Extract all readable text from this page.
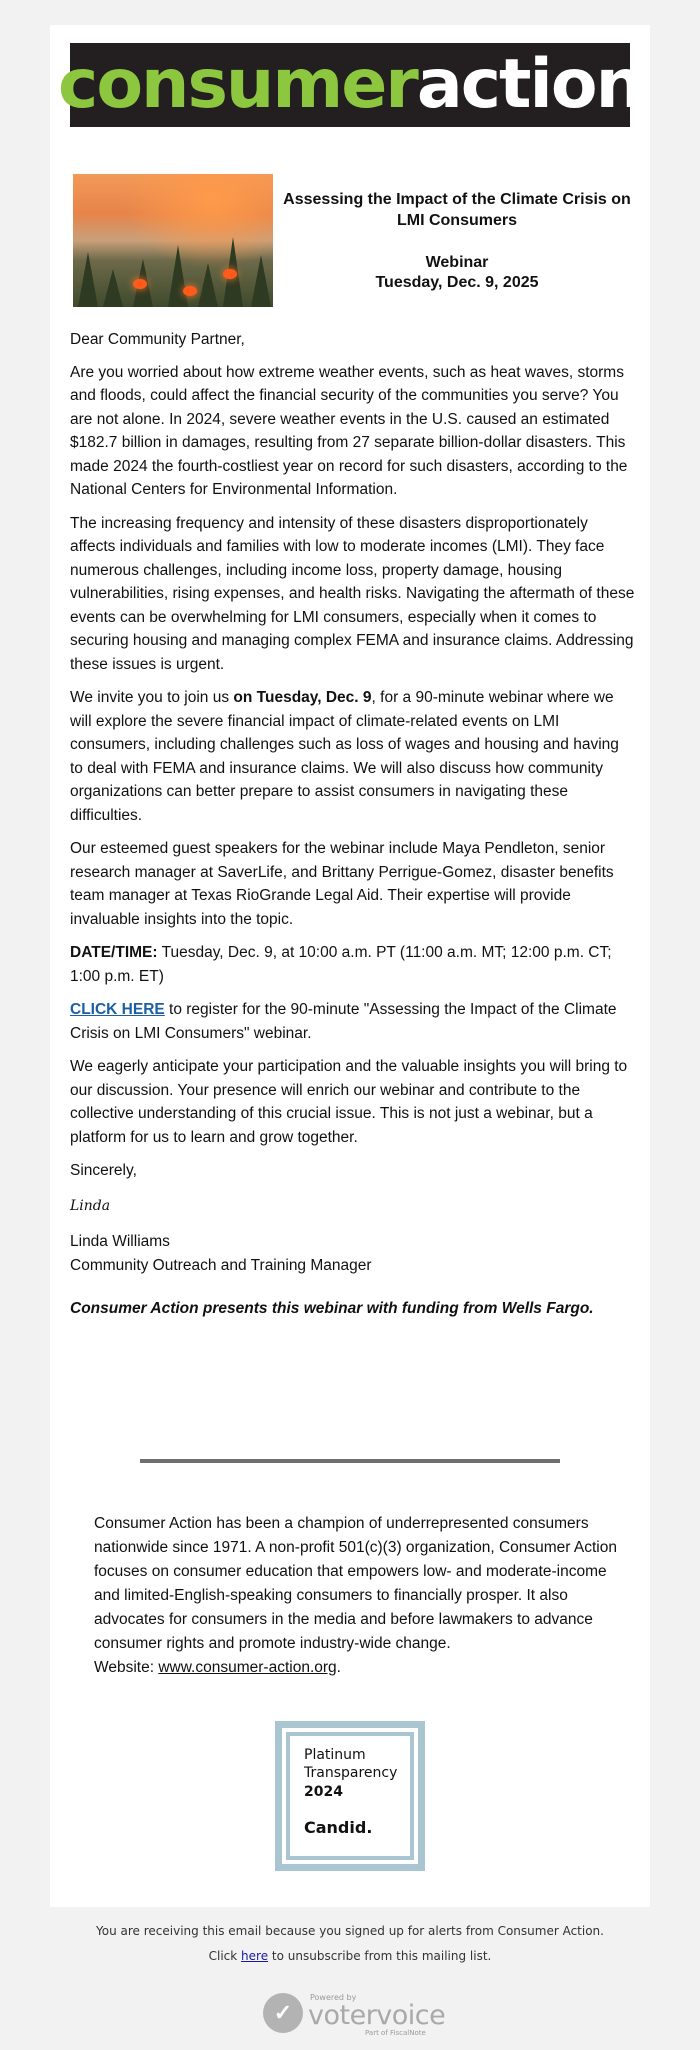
consumer action
Assessing the Impact of the Climate Crisis on LMI Consumers
Webinar
Tuesday, Dec. 9, 2025

Dear Community Partner,

Are you worried about how extreme weather events, such as heat waves, storms and floods, could affect the financial security of the communities you serve? You are not alone. In 2024, severe weather events in the U.S. caused an estimated $182.7 billion in damages, resulting from 27 separate billion-dollar disasters. This made 2024 the fourth-costliest year on record for such disasters, according to the National Centers for Environmental Information.

The increasing frequency and intensity of these disasters disproportionately affects individuals and families with low to moderate incomes (LMI). They face numerous challenges, including income loss, property damage, housing vulnerabilities, rising expenses, and health risks. Navigating the aftermath of these events can be overwhelming for LMI consumers, especially when it comes to securing housing and managing complex FEMA and insurance claims. Addressing these issues is urgent.

We invite you to join us on Tuesday, Dec. 9, for a 90-minute webinar where we will explore the severe financial impact of climate-related events on LMI consumers, including challenges such as loss of wages and housing and having to deal with FEMA and insurance claims. We will also discuss how community organizations can better prepare to assist consumers in navigating these difficulties.

Our esteemed guest speakers for the webinar include Maya Pendleton, senior research manager at SaverLife, and Brittany Perrigue-Gomez, disaster benefits team manager at Texas RioGrande Legal Aid. Their expertise will provide invaluable insights into the topic.

DATE/TIME: Tuesday, Dec. 9, at 10:00 a.m. PT (11:00 a.m. MT; 12:00 p.m. CT; 1:00 p.m. ET)

CLICK HERE to register for the 90-minute "Assessing the Impact of the Climate Crisis on LMI Consumers" webinar.

We eagerly anticipate your participation and the valuable insights you will bring to our discussion. Your presence will enrich our webinar and contribute to the collective understanding of this crucial issue. This is not just a webinar, but a platform for us to learn and grow together.

Sincerely,

Linda

Linda Williams
Community Outreach and Training Manager

Consumer Action presents this webinar with funding from Wells Fargo.

Consumer Action has been a champion of underrepresented consumers nationwide since 1971. A non-profit 501(c)(3) organization, Consumer Action focuses on consumer education that empowers low- and moderate-income and limited-English-speaking consumers to financially prosper. It also advocates for consumers in the media and before lawmakers to advance consumer rights and promote industry-wide change.
Website: www.consumer-action.org.
Platinum
Transparency
2024
Candid.
You are receiving this email because you signed up for alerts from Consumer Action.
Click here to unsubscribe from this mailing list.
✓
Powered by
votervoice
Part of FiscalNote
